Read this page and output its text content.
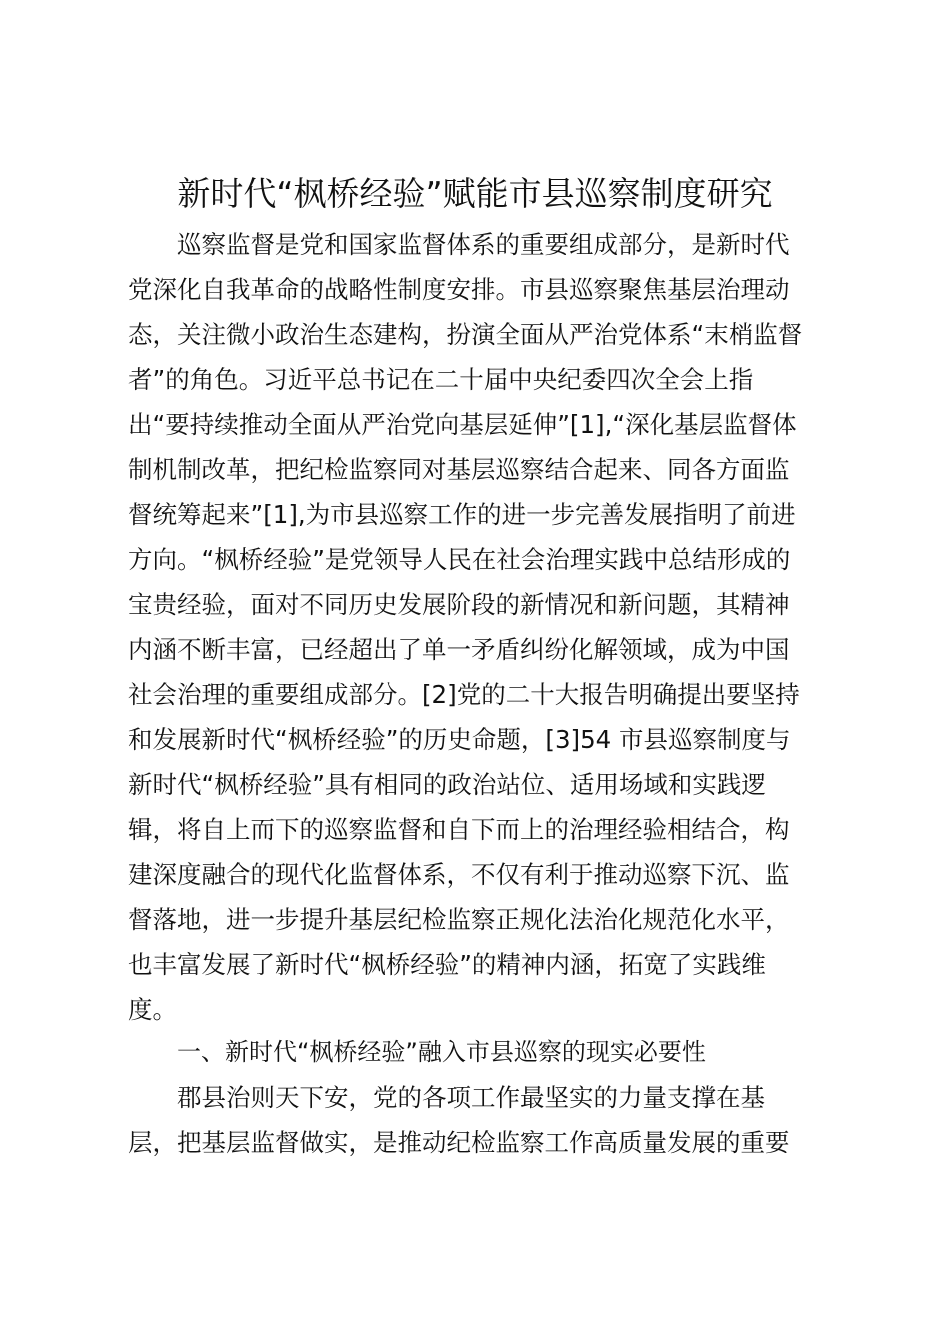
新时代“枫桥经验”赋能市县巡察制度研究
巡察监督是党和国家监督体系的重要组成部分，是新时代
党深化自我革命的战略性制度安排。市县巡察聚焦基层治理动
态，关注微小政治生态建构，扮演全面从严治党体系“末梢监督
者”的角色。习近平总书记在二十届中央纪委四次全会上指
出“要持续推动全面从严治党向基层延伸”[1],“深化基层监督体
制机制改革，把纪检监察同对基层巡察结合起来、同各方面监
督统筹起来”[1],为市县巡察工作的进一步完善发展指明了前进
方向。“枫桥经验”是党领导人民在社会治理实践中总结形成的
宝贵经验，面对不同历史发展阶段的新情况和新问题，其精神
内涵不断丰富，已经超出了单一矛盾纠纷化解领域，成为中国
社会治理的重要组成部分。[2]党的二十大报告明确提出要坚持
和发展新时代“枫桥经验”的历史命题，[3]54 市县巡察制度与
新时代“枫桥经验”具有相同的政治站位、适用场域和实践逻
辑，将自上而下的巡察监督和自下而上的治理经验相结合，构
建深度融合的现代化监督体系，不仅有利于推动巡察下沉、监
督落地，进一步提升基层纪检监察正规化法治化规范化水平，
也丰富发展了新时代“枫桥经验”的精神内涵，拓宽了实践维
度。
一、新时代“枫桥经验”融入市县巡察的现实必要性
郡县治则天下安，党的各项工作最坚实的力量支撑在基
层，把基层监督做实，是推动纪检监察工作高质量发展的重要
